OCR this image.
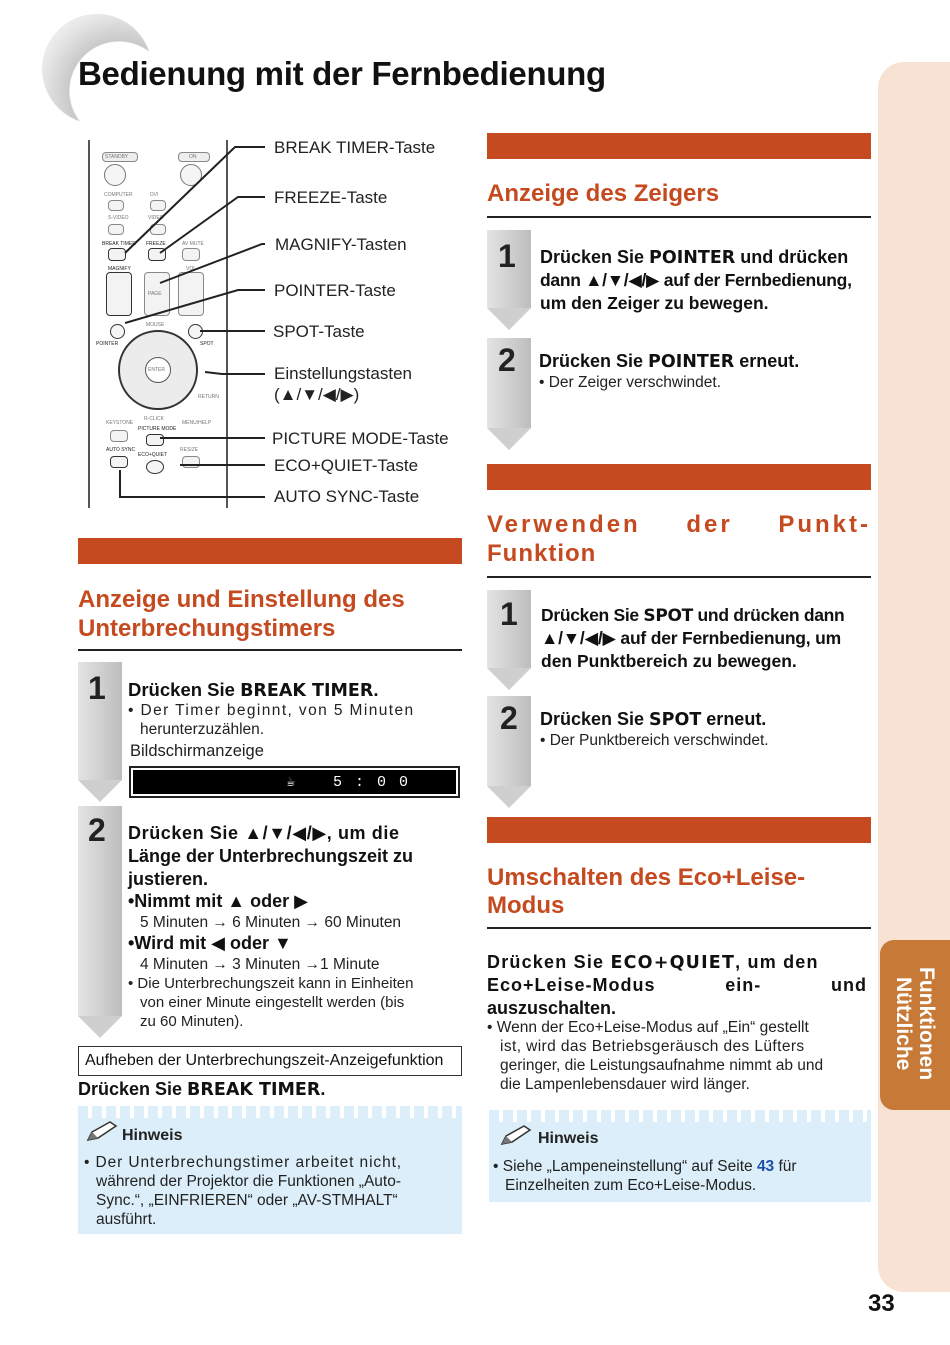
Bedienung mit der Fernbedienung
Nützliche Funktionen
33
STANDBY	ON
COMPUTER	DVI
S-VIDEO	VIDEO
BREAK TIMER FREEZE	AV MUTE
MAGNIFY	VOL
PAGE
MOUSE
POINTER	SPOT
ENTER
RETURN
KEYSTONE
R-CLICK
MENU/HELP
PICTURE MODE
AUTO SYNC
ECO+QUIET
RESIZE
BREAK TIMER-Taste
FREEZE-Taste
MAGNIFY-Tasten
POINTER-Taste
SPOT-Taste
Einstellungstasten
(▲/▼/◀/▶)
PICTURE MODE-Taste
ECO+QUIET-Taste
AUTO SYNC-Taste
Anzeige und Einstellung des
Unterbrechungstimers
1 Drücken Sie BREAK TIMER.
• Der Timer beginnt, von 5 Minuten
herunterzuzählen.
Bildschirmanzeige
☕ 5 : 0 0
2 Drücken Sie ▲/▼/◀/▶, um die
Länge der Unterbrechungszeit zu
justieren.
•Nimmt mit ▲ oder ▶
5 Minuten → 6 Minuten → 60 Minuten
•Wird mit ◀ oder ▼
4 Minuten → 3 Minuten →1 Minute
• Die Unterbrechungszeit kann in Einheiten
von einer Minute eingestellt werden (bis
zu 60 Minuten).
Aufheben der Unterbrechungszeit-Anzeigefunktion
Drücken Sie BREAK TIMER.
Hinweis
• Der Unterbrechungstimer arbeitet nicht,
während der Projektor die Funktionen „Auto-
Sync.“, „EINFRIEREN“ oder „AV-STMHALT“
ausführt.
Anzeige des Zeigers
1 Drücken Sie POINTER und drücken
dann ▲/▼/◀/▶ auf der Fernbedienung,
um den Zeiger zu bewegen.
2 Drücken Sie POINTER erneut.
• Der Zeiger verschwindet.
Verwenden der Punkt-
Funktion
1 Drücken Sie SPOT und drücken dann
▲/▼/◀/▶ auf der Fernbedienung, um
den Punktbereich zu bewegen.
2 Drücken Sie SPOT erneut.
• Der Punktbereich verschwindet.
Umschalten des Eco+Leise-
Modus
Drücken Sie ECO+QUIET, um den
Eco+Leise-Modus	ein-	und
auszuschalten.
• Wenn der Eco+Leise-Modus auf „Ein“ gestellt
ist, wird das Betriebsgeräusch des Lüfters
geringer, die Leistungsaufnahme nimmt ab und
die Lampenlebensdauer wird länger.
Hinweis
• Siehe „Lampeneinstellung“ auf Seite 43 für
Einzelheiten zum Eco+Leise-Modus.
